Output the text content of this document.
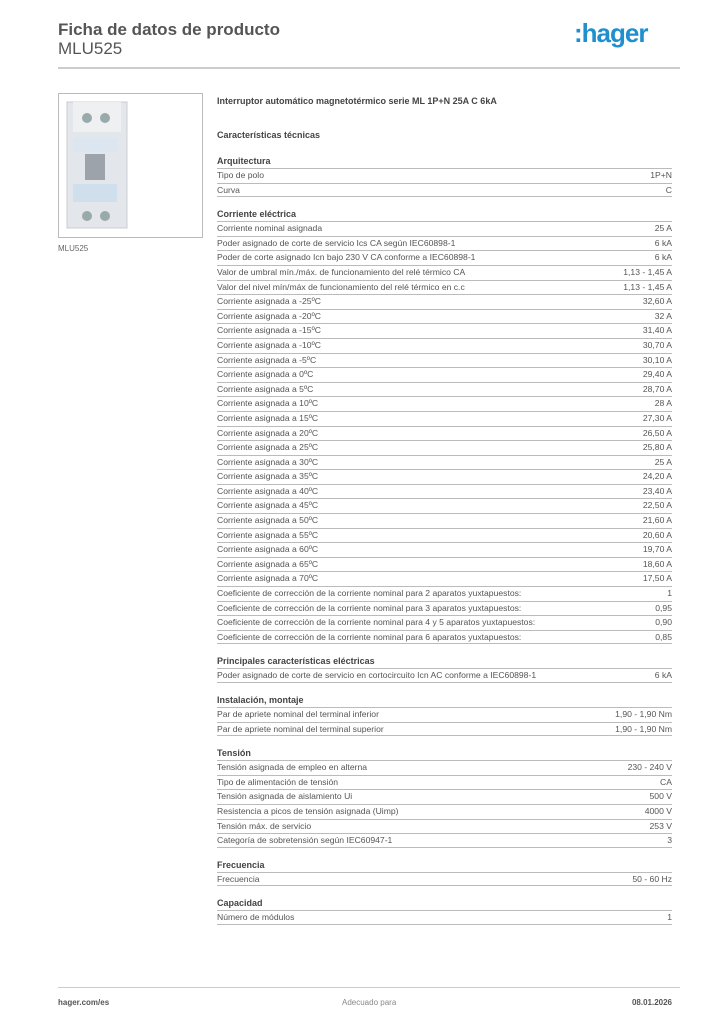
Ficha de datos de producto
MLU525
:hager
MLU525
Interruptor automático magnetotérmico serie ML 1P+N 25A C 6kA
Características técnicas
Arquitectura
Tipo de polo	1P+N
Curva	C
Corriente eléctrica
Corriente nominal asignada	25 A
Poder asignado de corte de servicio Ics CA según IEC60898-1	6 kA
Poder de corte asignado Icn bajo 230 V CA conforme a IEC60898-1	6 kA
Valor de umbral mín./máx. de funcionamiento del relé térmico CA	1,13 - 1,45 A
Valor del nivel mín/máx de funcionamiento del relé térmico en c.c	1,13 - 1,45 A
Corriente asignada a -25ºC	32,60 A
Corriente asignada a -20ºC	32 A
Corriente asignada a -15ºC	31,40 A
Corriente asignada a -10ºC	30,70 A
Corriente asignada a -5ºC	30,10 A
Corriente asignada a 0ºC	29,40 A
Corriente asignada a 5ºC	28,70 A
Corriente asignada a 10ºC	28 A
Corriente asignada a 15ºC	27,30 A
Corriente asignada a 20ºC	26,50 A
Corriente asignada a 25ºC	25,80 A
Corriente asignada a 30ºC	25 A
Corriente asignada a 35ºC	24,20 A
Corriente asignada a 40ºC	23,40 A
Corriente asignada a 45ºC	22,50 A
Corriente asignada a 50ºC	21,60 A
Corriente asignada a 55ºC	20,60 A
Corriente asignada a 60ºC	19,70 A
Corriente asignada a 65ºC	18,60 A
Corriente asignada a 70ºC	17,50 A
Coeficiente de corrección de la corriente nominal para 2 aparatos yuxtapuestos:	1
Coeficiente de corrección de la corriente nominal para 3 aparatos yuxtapuestos:	0,95
Coeficiente de corrección de la corriente nominal para 4 y 5 aparatos yuxtapuestos:	0,90
Coeficiente de corrección de la corriente nominal para 6 aparatos yuxtapuestos:	0,85
Principales características eléctricas
Poder asignado de corte de servicio en cortocircuito Icn AC conforme a IEC60898-1	6 kA
Instalación, montaje
Par de apriete nominal del terminal inferior	1,90 - 1,90 Nm
Par de apriete nominal del terminal superior	1,90 - 1,90 Nm
Tensión
Tensión asignada de empleo en alterna	230 - 240 V
Tipo de alimentación de tensión	CA
Tensión asignada de aislamiento Ui	500 V
Resistencia a picos de tensión asignada (Uimp)	4000 V
Tensión máx. de servicio	253 V
Categoría de sobretensión según IEC60947-1	3
Frecuencia
Frecuencia	50 - 60 Hz
Capacidad
Número de módulos	1
hager.com/es	Adecuado para	08.01.2026
